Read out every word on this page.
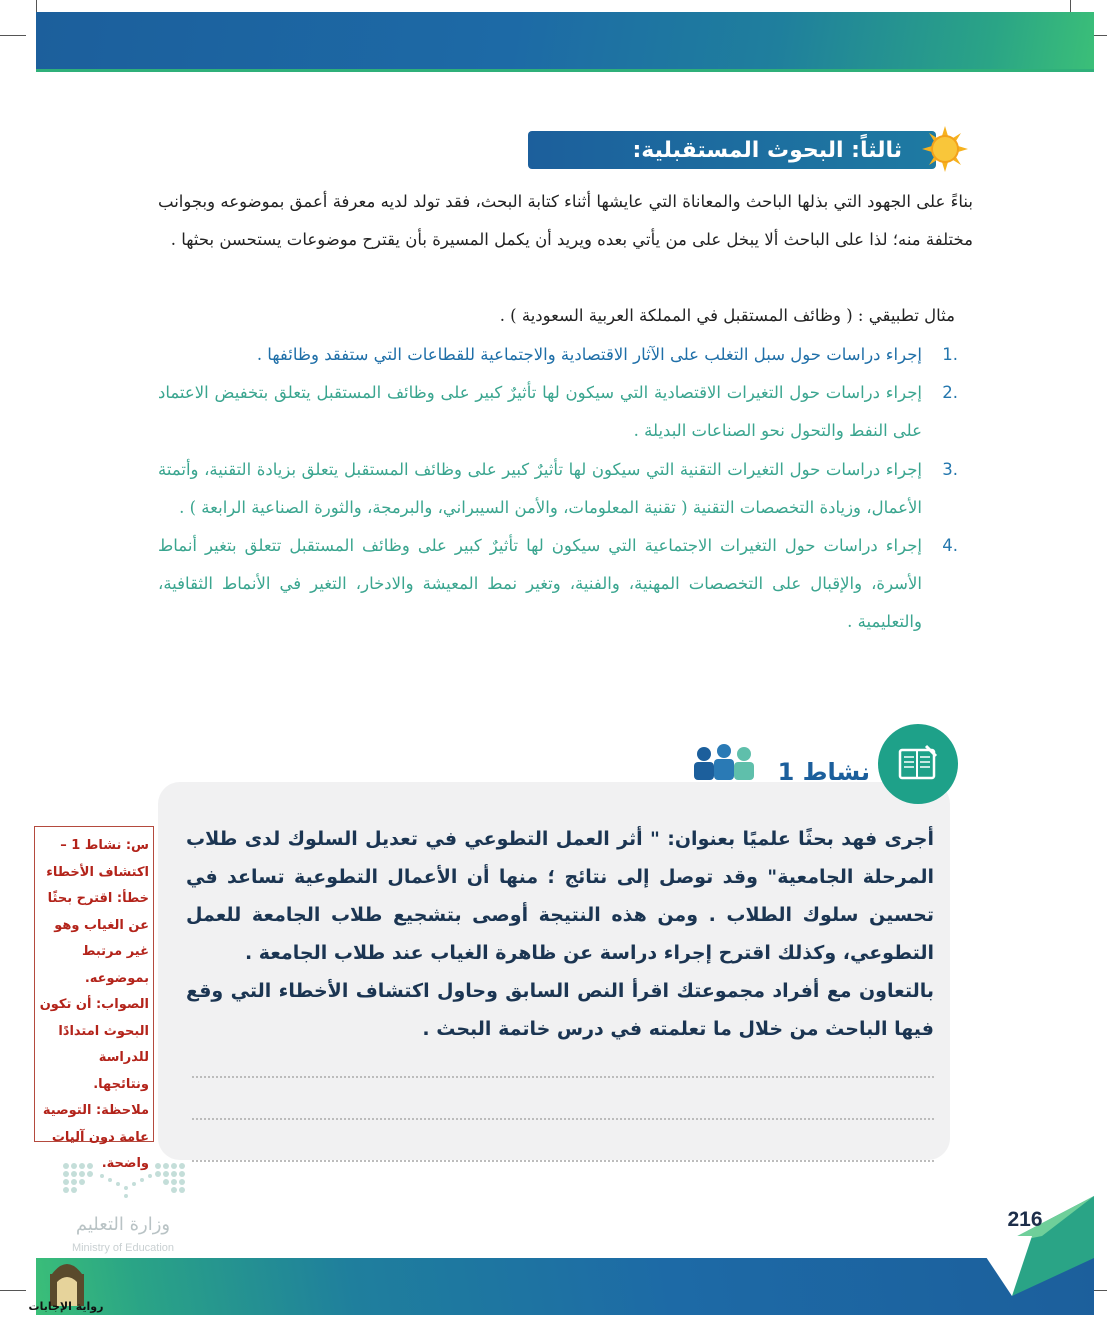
ثالثاً: البحوث المستقبلية:
بناءً على الجهود التي بذلها الباحث والمعاناة التي عايشها أثناء كتابة البحث، فقد تولد لديه معرفة أعمق بموضوعه وبجوانب مختلفة منه؛ لذا على الباحث ألا يبخل على من يأتي بعده ويريد أن يكمل المسيرة بأن يقترح موضوعات يستحسن بحثها .
مثال تطبيقي : ( وظائف المستقبل في المملكة العربية السعودية ) .
.1
إجراء دراسات حول سبل التغلب على الآثار الاقتصادية والاجتماعية للقطاعات التي ستفقد وظائفها .
.2
إجراء دراسات حول التغيرات الاقتصادية التي سيكون لها تأثيرٌ كبير على وظائف المستقبل يتعلق بتخفيض الاعتماد على النفط والتحول نحو الصناعات البديلة .
.3
إجراء دراسات حول التغيرات التقنية التي سيكون لها تأثيرٌ كبير على وظائف المستقبل يتعلق بزيادة التقنية، وأتمتة الأعمال، وزيادة التخصصات التقنية ( تقنية المعلومات، والأمن السيبراني، والبرمجة، والثورة الصناعية الرابعة ) .
.4
إجراء دراسات حول التغيرات الاجتماعية التي سيكون لها تأثيرٌ كبير على وظائف المستقبل تتعلق بتغير أنماط الأسرة، والإقبال على التخصصات المهنية، والفنية، وتغير نمط المعيشة والادخار، التغير في الأنماط الثقافية، والتعليمية .
نشاط 1
أجرى فهد بحثًا علميًا بعنوان: " أثر العمل التطوعي في تعديل السلوك لدى طلاب المرحلة الجامعية" وقد توصل إلى نتائج ؛ منها أن الأعمال التطوعية تساعد في تحسين سلوك الطلاب . ومن هذه النتيجة أوصى بتشجيع طلاب الجامعة للعمل التطوعي، وكذلك اقترح إجراء دراسة عن ظاهرة الغياب عند طلاب الجامعة .
بالتعاون مع أفراد مجموعتك اقرأ النص السابق وحاول اكتشاف الأخطاء التي وقع فيها الباحث من خلال ما تعلمته في درس خاتمة البحث .
س: نشاط 1 – اكتشاف الأخطاء
خطأ: اقترح بحثًا عن الغياب وهو غير مرتبط بموضوعه.
الصواب: أن تكون البحوث امتدادًا للدراسة ونتائجها.
ملاحظة: التوصية عامة دون آليات واضحة.
وزارة التعليم
Ministry of Education
216
رواية الإجابات
